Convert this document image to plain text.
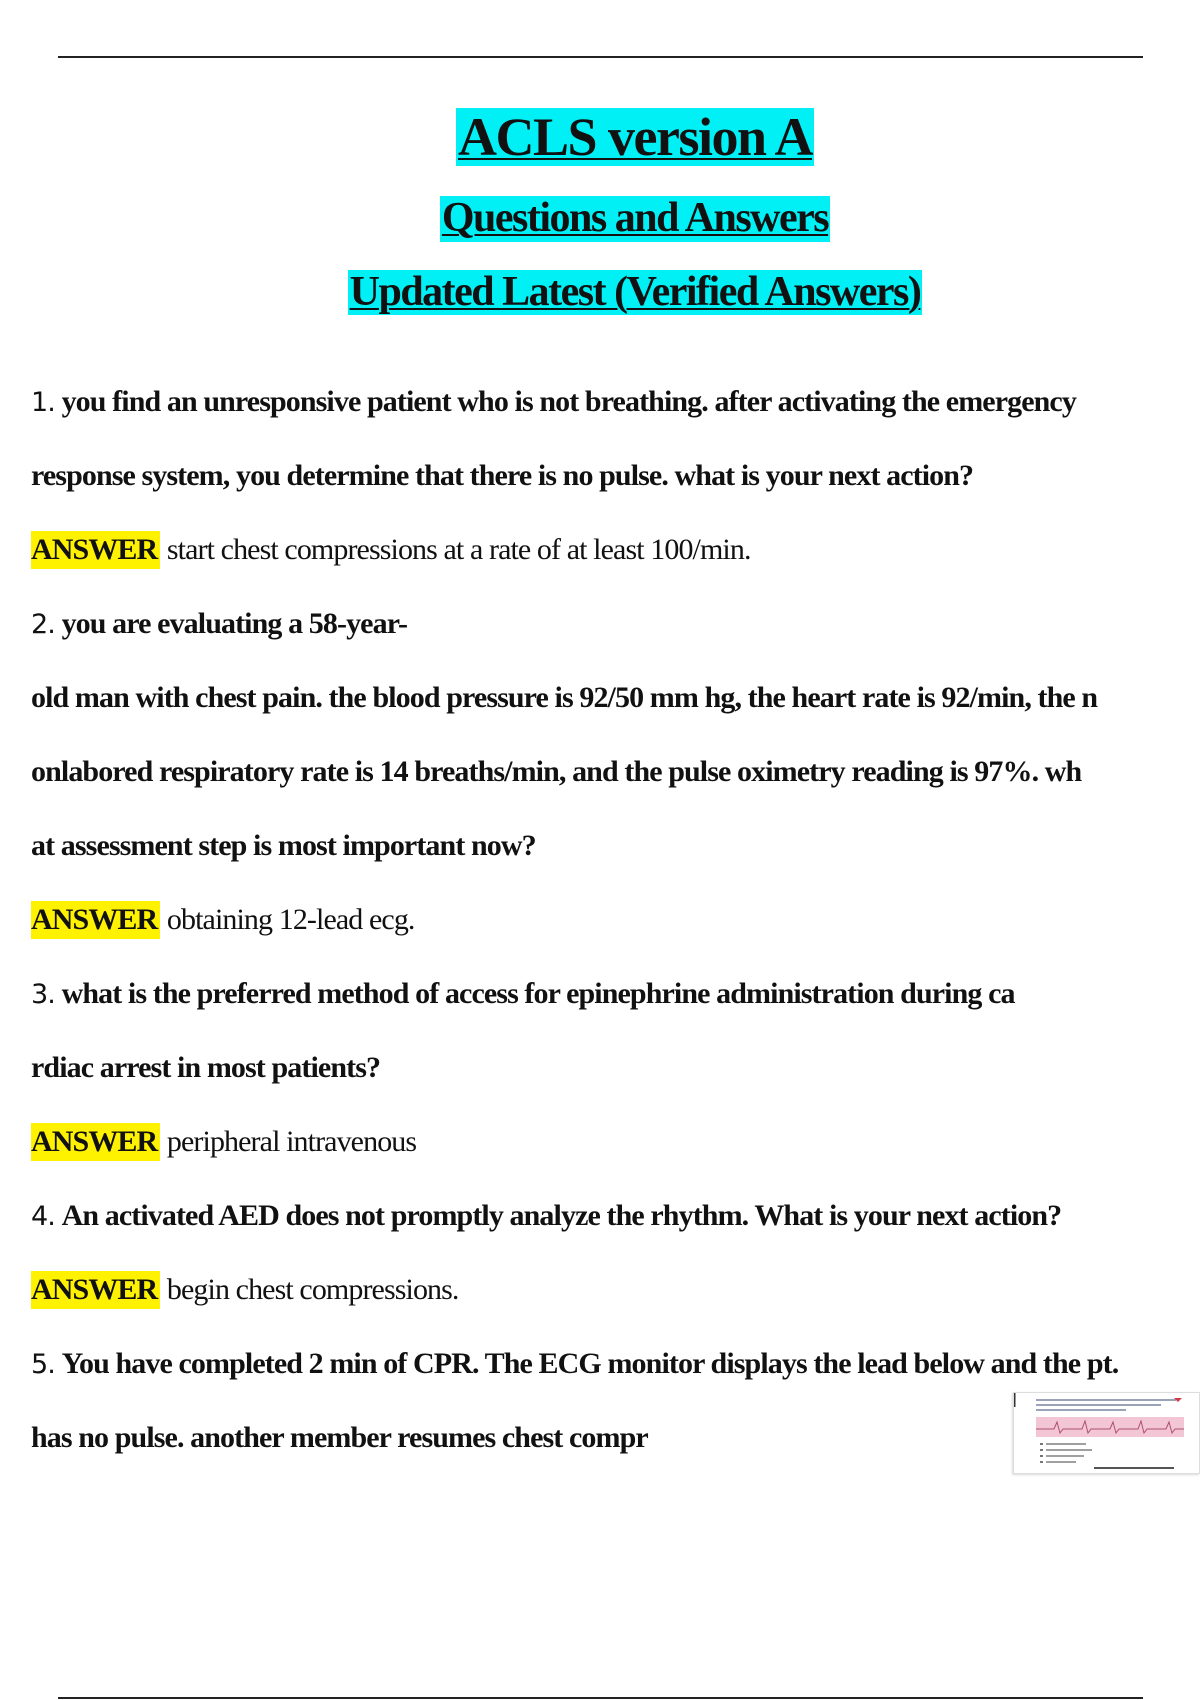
ACLS version A
Questions and Answers
Updated Latest (Verified Answers)
1. you find an unresponsive patient who is not breathing. after activating the emergency
response system, you determine that there is no pulse. what is your next action?
ANSWER start chest compressions at a rate of at least 100/min.
2. you are evaluating a 58-year-
old man with chest pain. the blood pressure is 92/50 mm hg, the heart rate is 92/min, the n
onlabored respiratory rate is 14 breaths/min, and the pulse oximetry reading is 97%. wh
at assessment step is most important now?
ANSWER obtaining 12-lead ecg.
3. what is the preferred method of access for epinephrine administration during ca
rdiac arrest in most patients?
ANSWER peripheral intravenous
4. An activated AED does not promptly analyze the rhythm. What is your next action?
ANSWER begin chest compressions.
5. You have completed 2 min of CPR. The ECG monitor displays the lead below and the pt.
has no pulse. another member resumes chest compr
